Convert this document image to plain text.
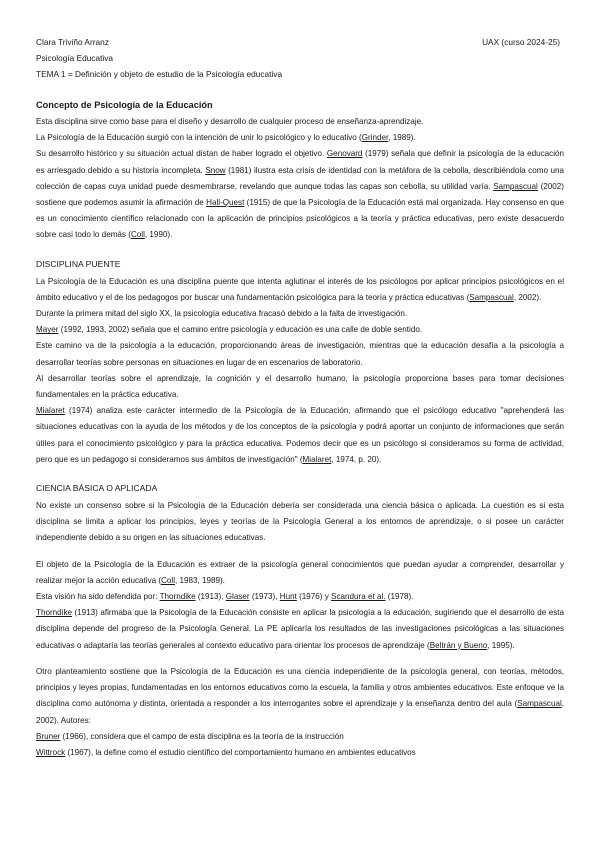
Clara Triviño Arranz
Psicología Educativa
TEMA 1 = Definición y objeto de estudio de la Psicología educativa
UAX (curso 2024-25)
Concepto de Psicología de la Educación

Esta disciplina sirve como base para el diseño y desarrollo de cualquier proceso de enseñanza-aprendizaje.

La Psicología de la Educación surgió con la intención de unir lo psicológico y lo educativo (Grinder, 1989).

Su desarrollo histórico y su situación actual distan de haber logrado el objetivo. Genovard (1979) señala que definir la psicología de la educación es arriesgado debido a su historia incompleta. Snow (1981) ilustra esta crisis de identidad con la metáfora de la cebolla, describiéndola como una colección de capas cuya unidad puede desmembrarse, revelando que aunque todas las capas son cebolla, su utilidad varía. Sampascual (2002) sostiene que podemos asumir la afirmación de Hall-Quest (1915) de que la Psicología de la Educación está mal organizada. Hay consenso en que es un conocimiento científico relacionado con la aplicación de principios psicológicos a la teoría y práctica educativas, pero existe desacuerdo sobre casi todo lo demás (Coll, 1990).

DISCIPLINA PUENTE

La Psicología de la Educación es una disciplina puente que intenta aglutinar el interés de los psicólogos por aplicar principios psicológicos en el ámbito educativo y el de los pedagogos por buscar una fundamentación psicológica para la teoría y práctica educativas (Sampascual, 2002).

Durante la primera mitad del siglo XX, la psicología educativa fracasó debido a la falta de investigación.

Mayer (1992, 1993, 2002) señala que el camino entre psicología y educación es una calle de doble sentido.

Este camino va de la psicología a la educación, proporcionando áreas de investigación, mientras que la educación desafía a la psicología a desarrollar teorías sobre personas en situaciones en lugar de en escenarios de laboratorio.

Al desarrollar teorías sobre el aprendizaje, la cognición y el desarrollo humano, la psicología proporciona bases para tomar decisiones fundamentales en la práctica educativa.

Mialaret (1974) analiza este carácter intermedio de la Psicología de la Educación, afirmando que el psicólogo educativo "aprehenderá las situaciones educativas con la ayuda de los métodos y de los conceptos de la psicología y podrá aportar un conjunto de informaciones que serán útiles para el conocimiento psicológico y para la práctica educativa. Podemos decir que es un psicólogo si consideramos su forma de actividad, pero que es un pedagogo si consideramos sus ámbitos de investigación" (Mialaret, 1974, p. 20).

CIENCIA BÁSICA O APLICADA

No existe un consenso sobre si la Psicología de la Educación debería ser considerada una ciencia básica o aplicada. La cuestión es si esta disciplina se limita a aplicar los principios, leyes y teorías de la Psicología General a los entornos de aprendizaje, o si posee un carácter independiente debido a su origen en las situaciones educativas.

El objeto de la Psicología de la Educación es extraer de la psicología general conocimientos que puedan ayudar a comprender, desarrollar y realizar mejor la acción educativa (Coll, 1983, 1989).

Esta visión ha sido defendida por: Thorndike (1913), Glaser (1973), Hunt (1976) y Scandura et al. (1978).

Thorndike (1913) afirmaba que la Psicología de la Educación consiste en aplicar la psicología a la educación, sugiriendo que el desarrollo de esta disciplina depende del progreso de la Psicología General. La PE aplicaría los resultados de las investigaciones psicológicas a las situaciones educativas o adaptaría las teorías generales al contexto educativo para orientar los procesos de aprendizaje (Beltrán y Bueno, 1995).

Otro planteamiento sostiene que la Psicología de la Educación es una ciencia independiente de la psicología general, con teorías, métodos, principios y leyes propias, fundamentadas en los entornos educativos como la escuela, la familia y otros ambientes educativos. Este enfoque ve la disciplina como autónoma y distinta, orientada a responder a los interrogantes sobre el aprendizaje y la enseñanza dentro del aula (Sampascual, 2002). Autores:

Bruner (1966), considera que el campo de esta disciplina es la teoría de la instrucción

Wittrock (1967), la define como el estudio científico del comportamiento humano en ambientes educativos
